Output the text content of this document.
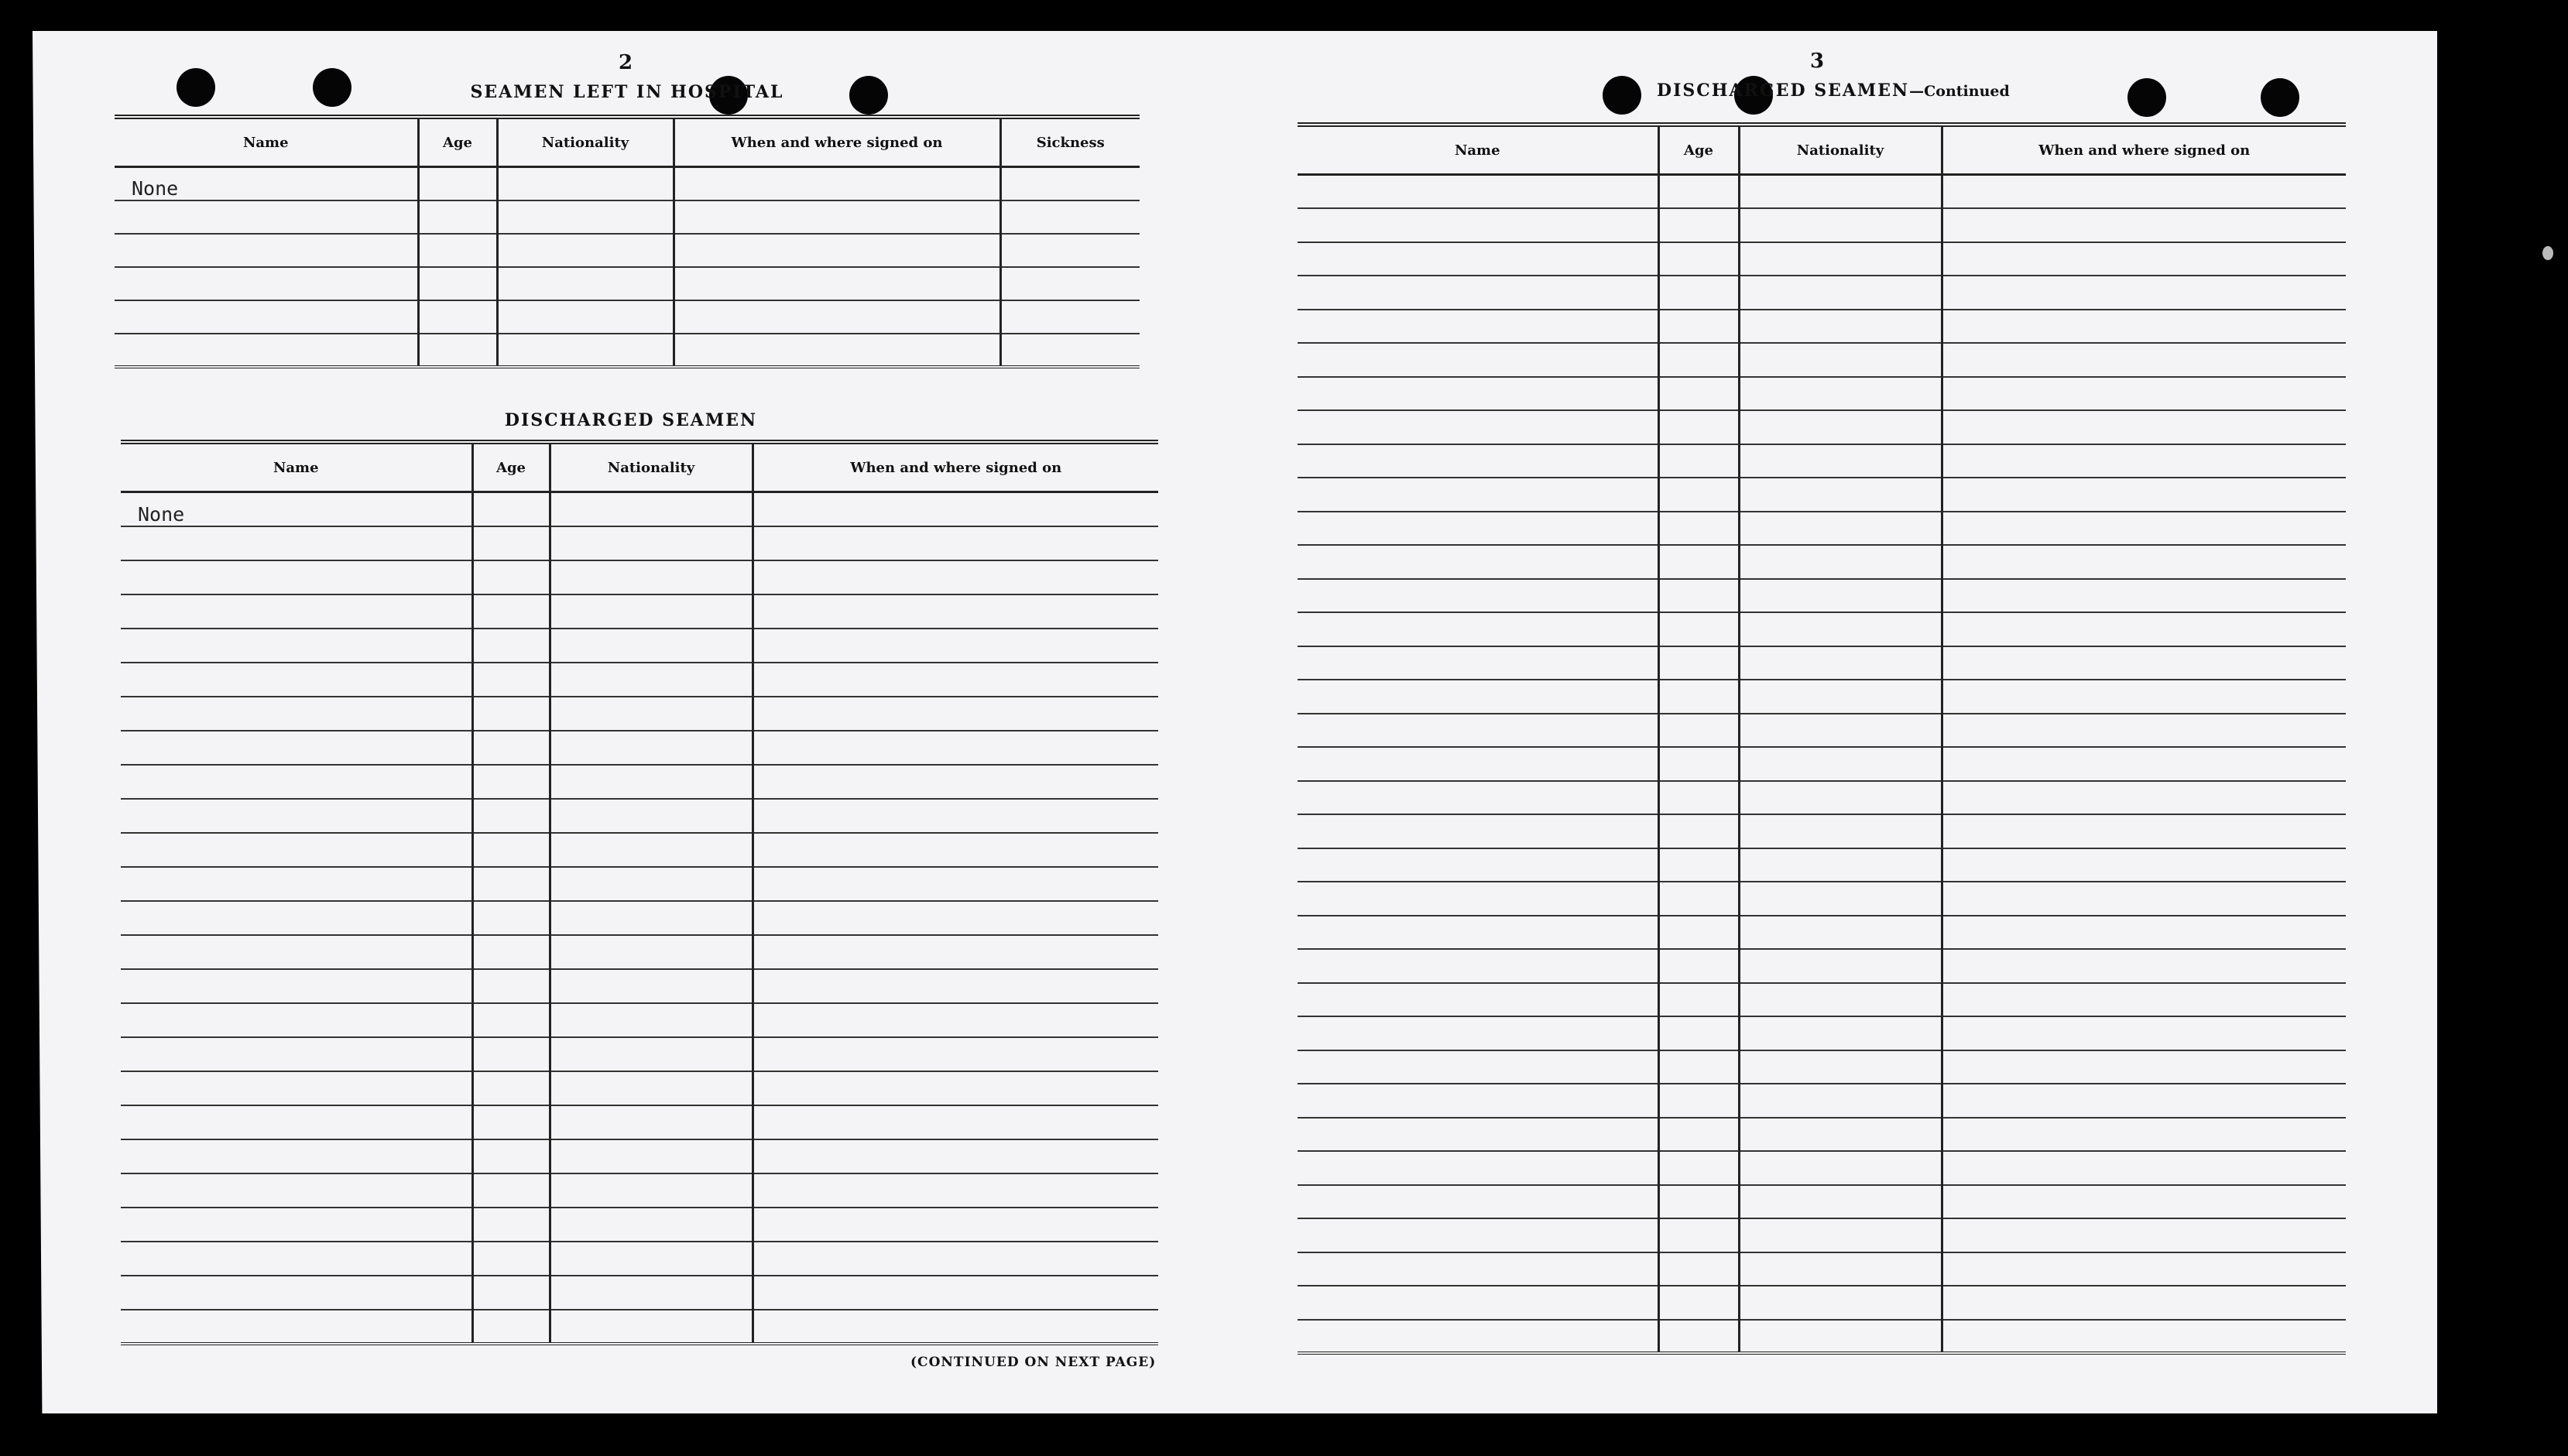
2
SEAMEN LEFT IN HOSPITAL
Name	Age	Nationality	When and where signed on	Sickness
None				

DISCHARGED SEAMEN
Name	Age	Nationality	When and where signed on
None			

(CONTINUED ON NEXT PAGE)
3
DISCHARGED SEAMEN—Continued
Name	Age	Nationality	When and where signed on
